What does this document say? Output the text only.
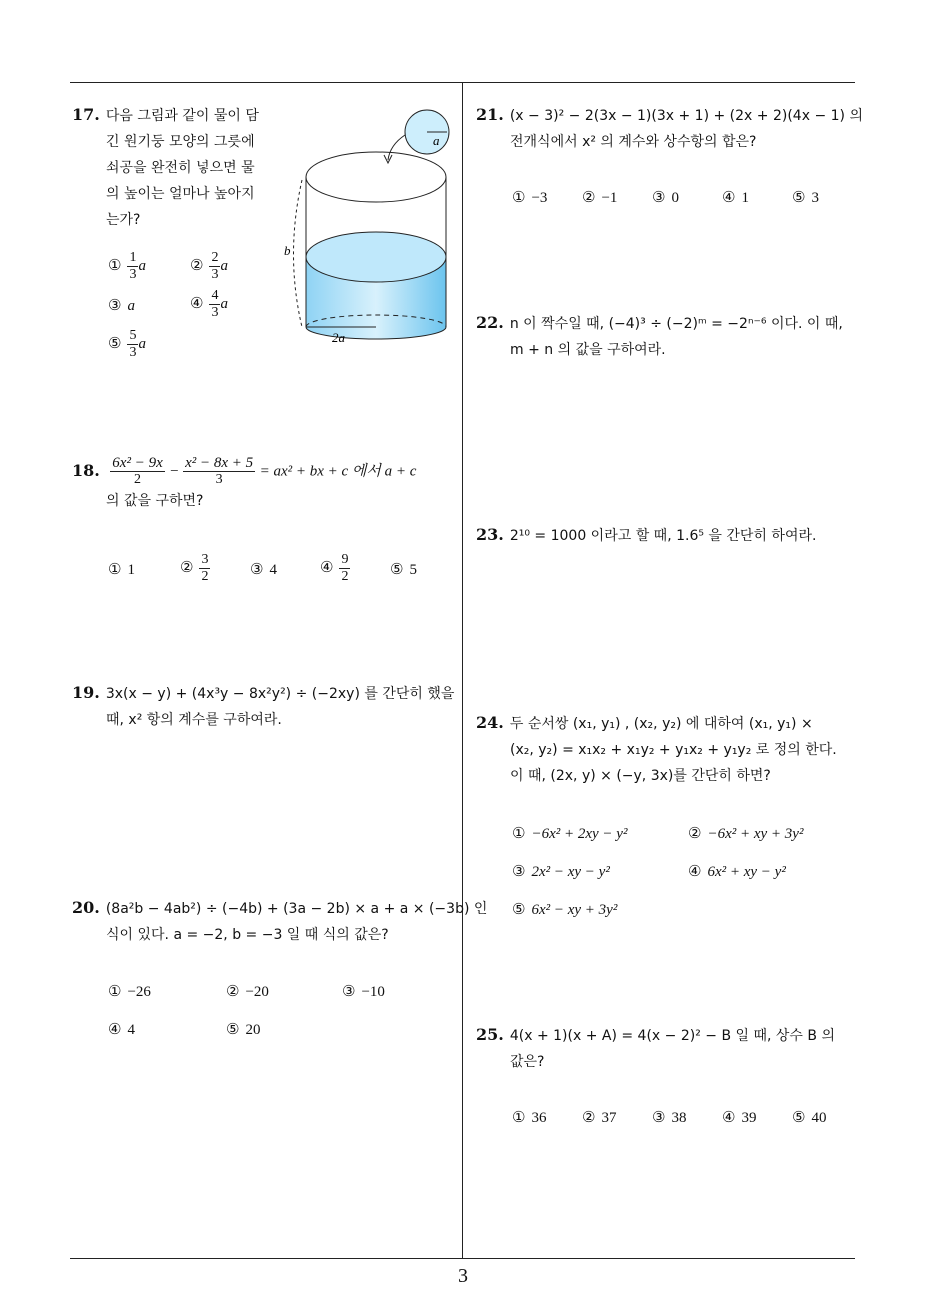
17. 다음 그림과 같이 물이 담
긴 원기둥 모양의 그릇에
쇠공을 완전히 넣으면 물
의 높이는 얼마나 높아지
는가?
① $\frac{1}{3}$ a	② $\frac{2}{3}$ a
③ a	④ $\frac{4}{3}$ a
⑤ $\frac{5}{3}$ a
a
2a
b
18. $\frac{\text{6x² − 9x}}{2} - \frac{\text{x² − 8x + 5}}{3} = ax^2$ + bx + c 에서 a + c
의 값을 구하면?
① 1	② $\frac{3}{2}$	③ 4	④ $\frac{9}{2}$	⑤ 5
19. 3x(x − y) + (4x³y − 8x²y²) ÷ (−2xy) 를 간단히 했을
때, x² 항의 계수를 구하여라.
20. (8a²b − 4ab²) ÷ (−4b) + (3a − 2b) × a + a × (−3b) 인
식이 있다. a = −2, b = −3 일 때 식의 값은?
① −26	② −20	③ −10
④ 4	⑤ 20
21. (x − 3)² − 2(3x − 1)(3x + 1) + (2x + 2)(4x − 1) 의
전개식에서 x² 의 계수와 상수항의 합은?
① −3 ② −1 ③ 0	④ 1	⑤ 3
22. n 이 짝수일 때, (−4)³ ÷ (−2)ᵐ = −2ⁿ⁻⁶ 이다. 이 때,
m + n 의 값을 구하여라.
23. 2¹⁰ = 1000 이라고 할 때, 1.6⁵ 을 간단히 하여라.
24. 두 순서쌍 (x₁, y₁) , (x₂, y₂) 에 대하여 (x₁, y₁) ×
(x₂, y₂) = x₁x₂ + x₁y₂ + y₁x₂ + y₁y₂ 로 정의 한다.
이 때, (2x, y) × (−y, 3x)를 간단히 하면?
① −6x² + 2xy − y²	② −6x² + xy + 3y²
③ 2x² − xy − y²	④ 6x² + xy − y²
⑤ 6x² − xy + 3y²
25. 4(x + 1)(x + A) = 4(x − 2)² − B 일 때, 상수 B 의
값은?
① 36 ② 37 ③ 38 ④ 39 ⑤ 40
3
